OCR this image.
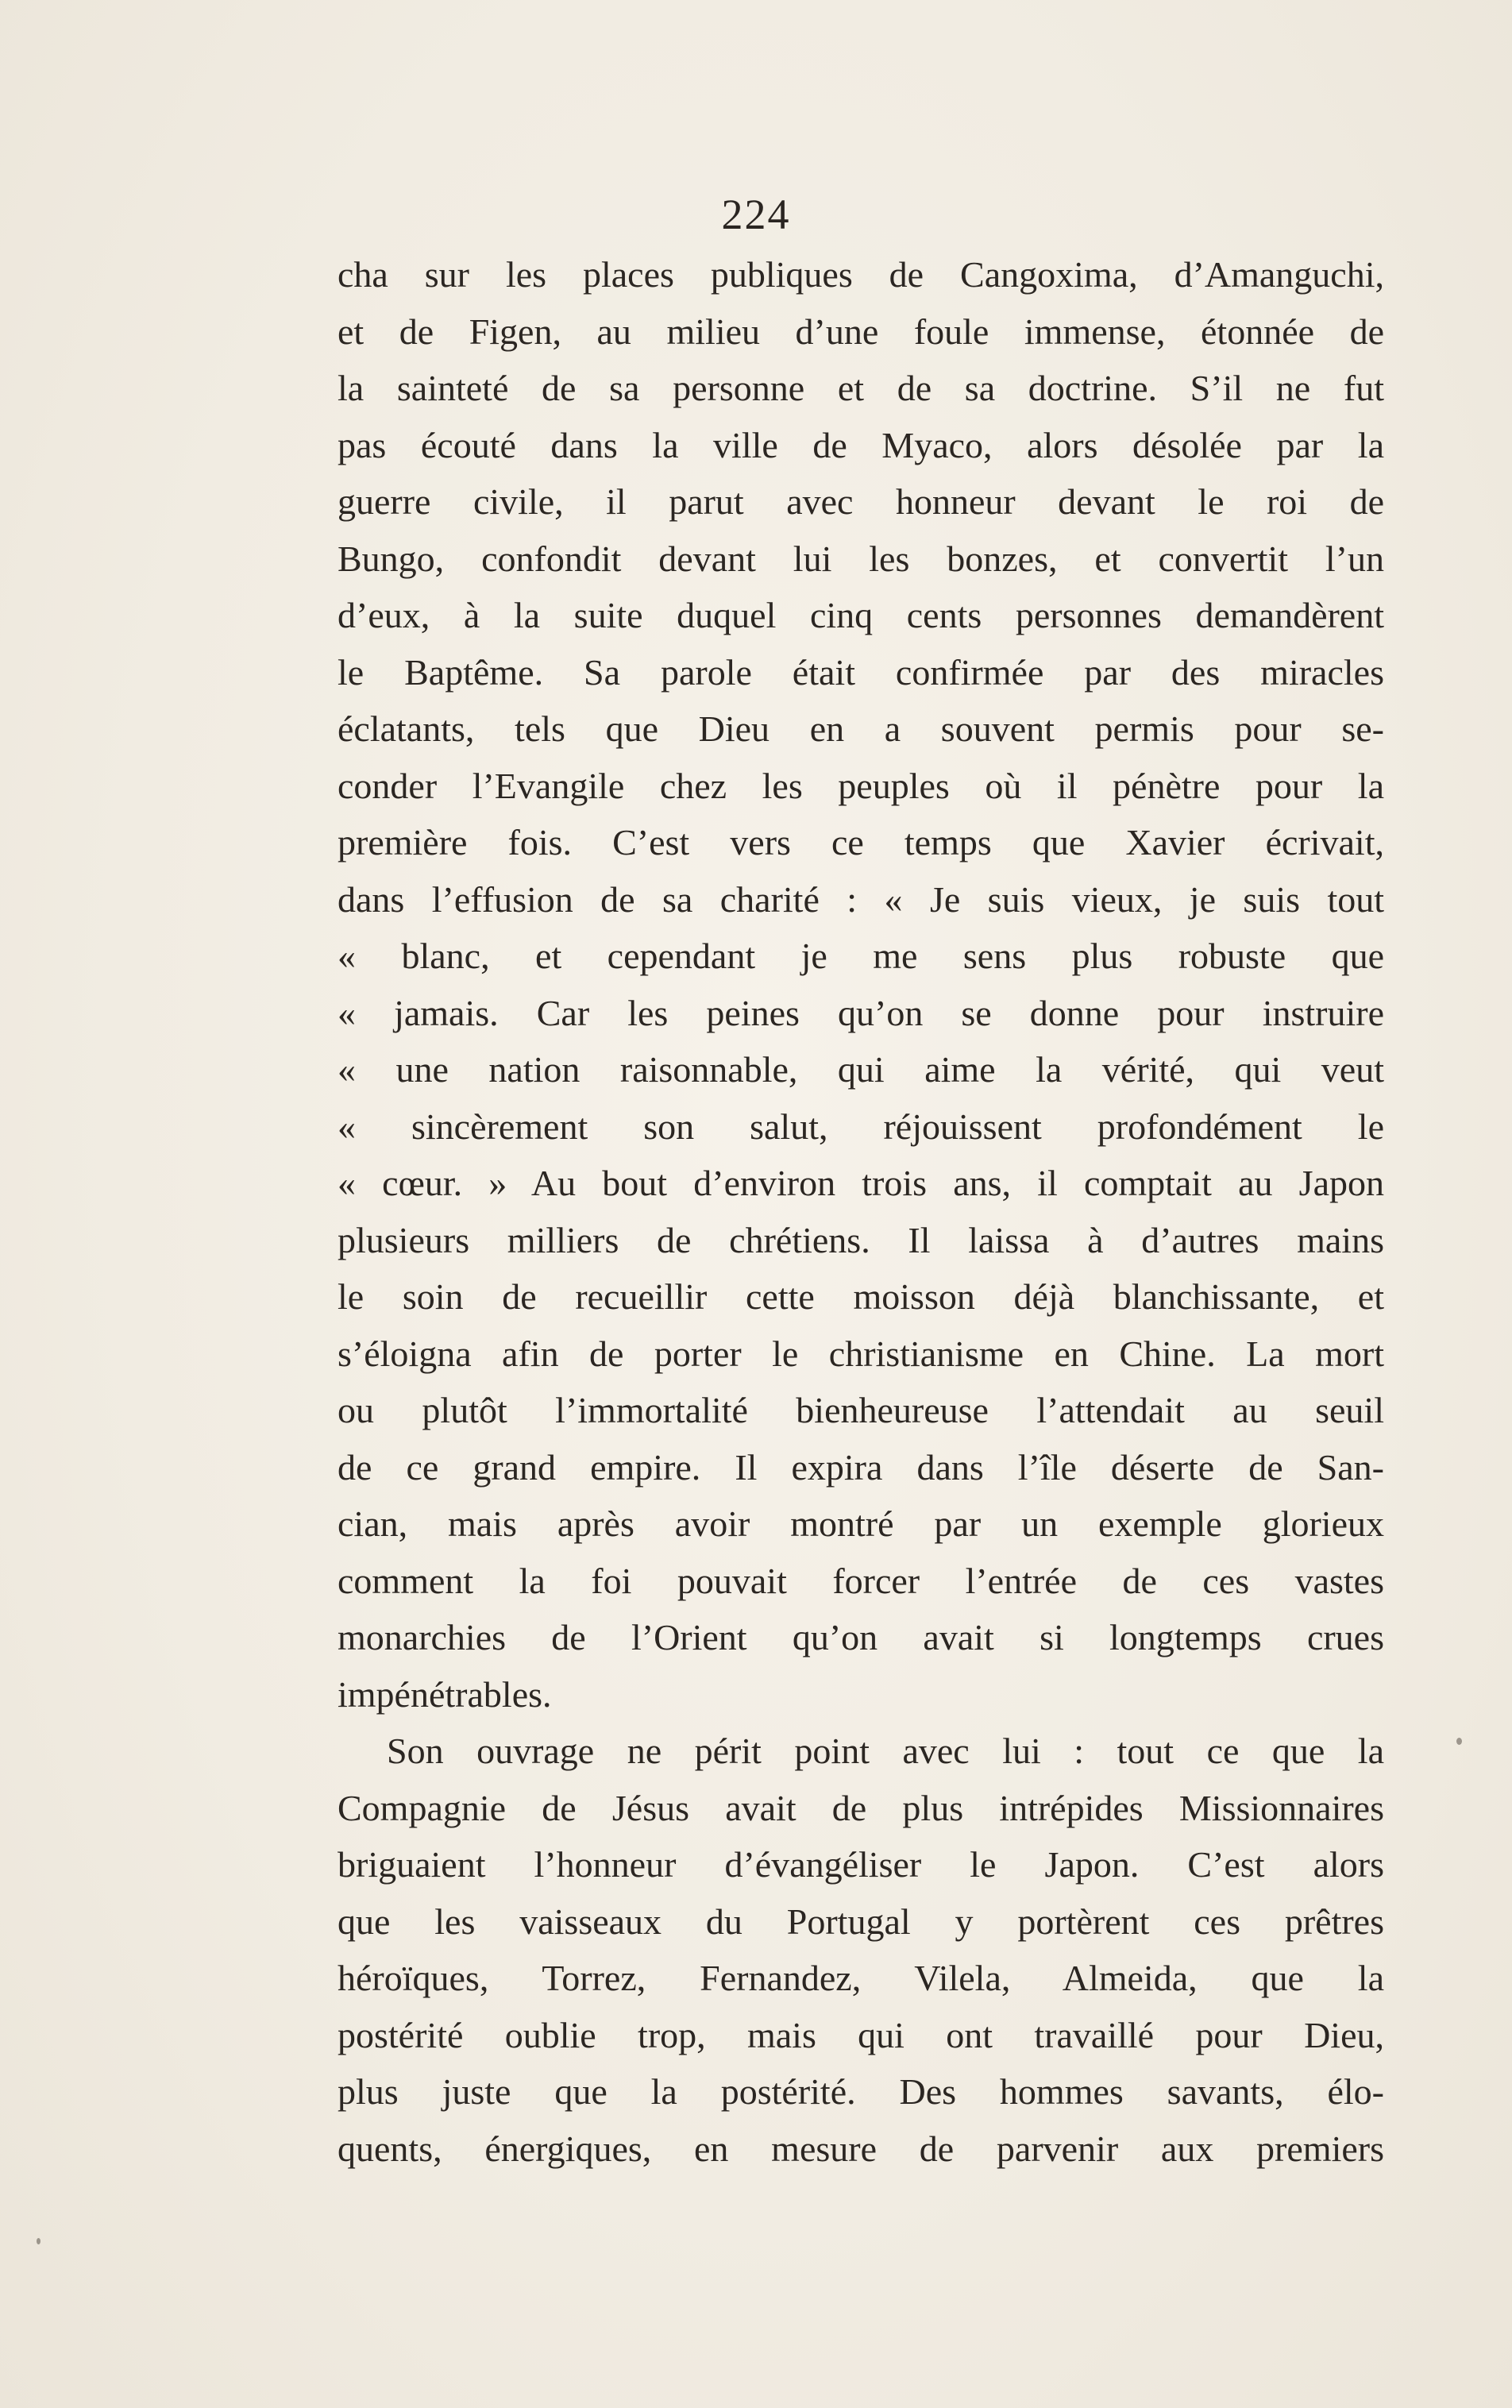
224
cha sur les places publiques de Cangoxima, d’Amanguchi,
et de Figen, au milieu d’une foule immense, étonnée de
la sainteté de sa personne et de sa doctrine. S’il ne fut
pas écouté dans la ville de Myaco, alors désolée par la
guerre civile, il parut avec honneur devant le roi de
Bungo, confondit devant lui les bonzes, et convertit l’un
d’eux, à la suite duquel cinq cents personnes demandèrent
le Baptême. Sa parole était confirmée par des miracles
éclatants, tels que Dieu en a souvent permis pour se-
conder l’Evangile chez les peuples où il pénètre pour la
première fois. C’est vers ce temps que Xavier écrivait,
dans l’effusion de sa charité : « Je suis vieux, je suis tout
« blanc, et cependant je me sens plus robuste que
« jamais. Car les peines qu’on se donne pour instruire
« une nation raisonnable, qui aime la vérité, qui veut
« sincèrement son salut, réjouissent profondément le
« cœur. » Au bout d’environ trois ans, il comptait au Japon
plusieurs milliers de chrétiens. Il laissa à d’autres mains
le soin de recueillir cette moisson déjà blanchissante, et
s’éloigna afin de porter le christianisme en Chine. La mort
ou plutôt l’immortalité bienheureuse l’attendait au seuil
de ce grand empire. Il expira dans l’île déserte de San-
cian, mais après avoir montré par un exemple glorieux
comment la foi pouvait forcer l’entrée de ces vastes
monarchies de l’Orient qu’on avait si longtemps crues
impénétrables.
Son ouvrage ne périt point avec lui : tout ce que la
Compagnie de Jésus avait de plus intrépides Missionnaires
briguaient l’honneur d’évangéliser le Japon. C’est alors
que les vaisseaux du Portugal y portèrent ces prêtres
héroïques, Torrez, Fernandez, Vilela, Almeida, que la
postérité oublie trop, mais qui ont travaillé pour Dieu,
plus juste que la postérité. Des hommes savants, élo-
quents, énergiques, en mesure de parvenir aux premiers
